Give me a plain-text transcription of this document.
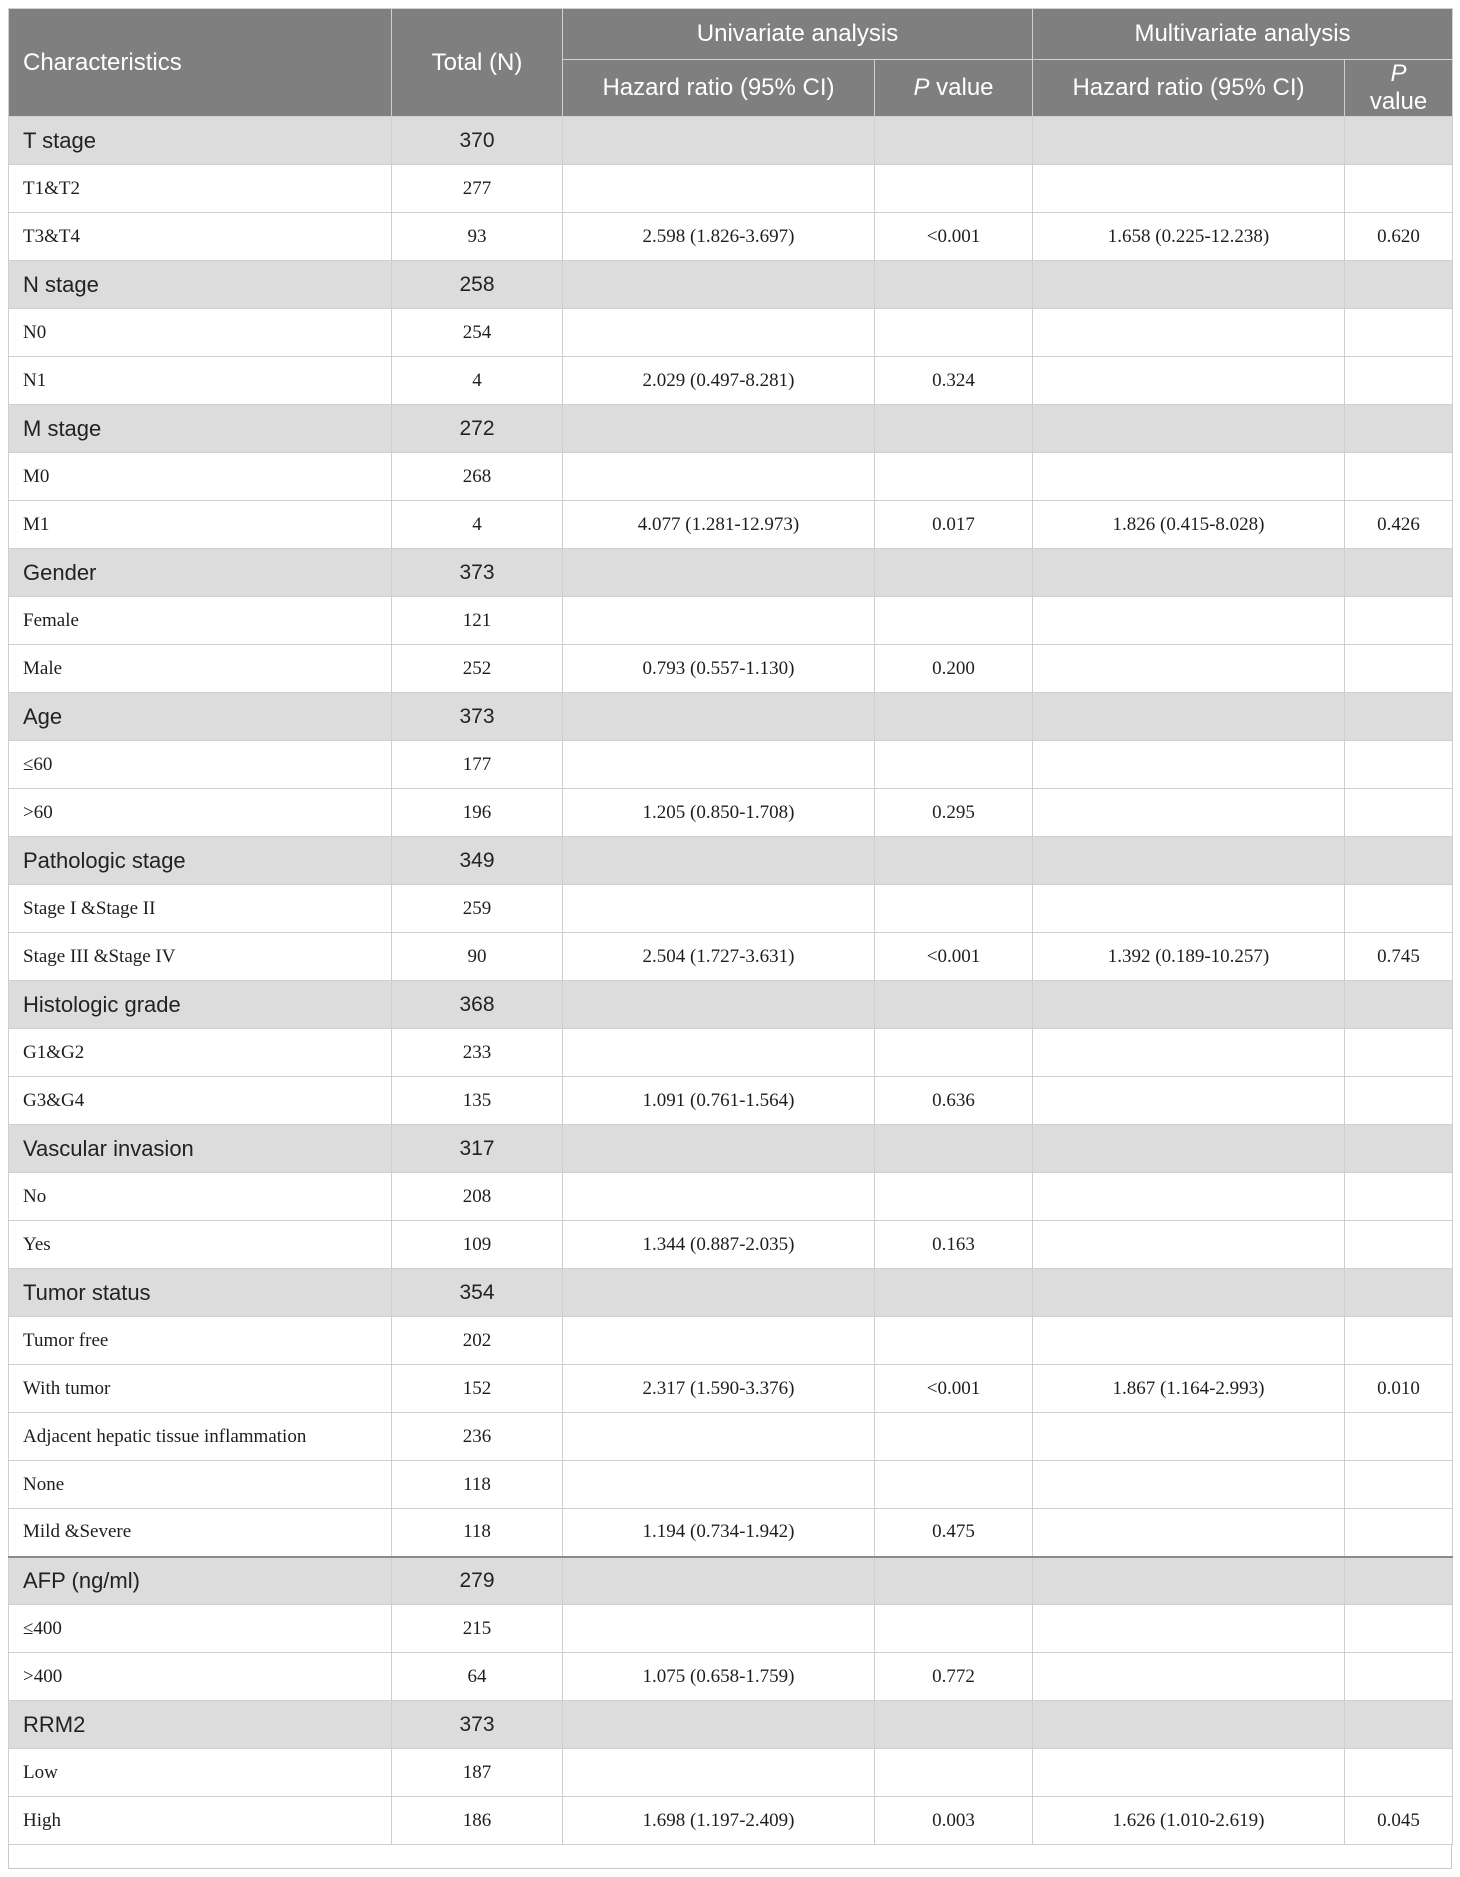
Characteristics	Total (N)	Univariate analysis		Multivariate analysis	
		Hazard ratio (95% CI)	P value	Hazard ratio (95% CI)	P value
T stage	370				
T1&T2	277				
T3&T4	93	2.598 (1.826-3.697)	<0.001	1.658 (0.225-12.238)	0.620
N stage	258				
N0	254				
N1	4	2.029 (0.497-8.281)	0.324		
M stage	272				
M0	268				
M1	4	4.077 (1.281-12.973)	0.017	1.826 (0.415-8.028)	0.426
Gender	373				
Female	121				
Male	252	0.793 (0.557-1.130)	0.200		
Age	373				
≤60	177				
>60	196	1.205 (0.850-1.708)	0.295		
Pathologic stage	349				
Stage I &Stage II	259				
Stage III &Stage IV	90	2.504 (1.727-3.631)	<0.001	1.392 (0.189-10.257)	0.745
Histologic grade	368				
G1&G2	233				
G3&G4	135	1.091 (0.761-1.564)	0.636		
Vascular invasion	317				
No	208				
Yes	109	1.344 (0.887-2.035)	0.163		
Tumor status	354				
Tumor free	202				
With tumor	152	2.317 (1.590-3.376)	<0.001	1.867 (1.164-2.993)	0.010
Adjacent hepatic tissue inflammation	236				
None	118				
Mild &Severe	118	1.194 (0.734-1.942)	0.475		
AFP (ng/ml)	279				
≤400	215				
>400	64	1.075 (0.658-1.759)	0.772		
RRM2	373				
Low	187				
High	186	1.698 (1.197-2.409)	0.003	1.626 (1.010-2.619)	0.045
